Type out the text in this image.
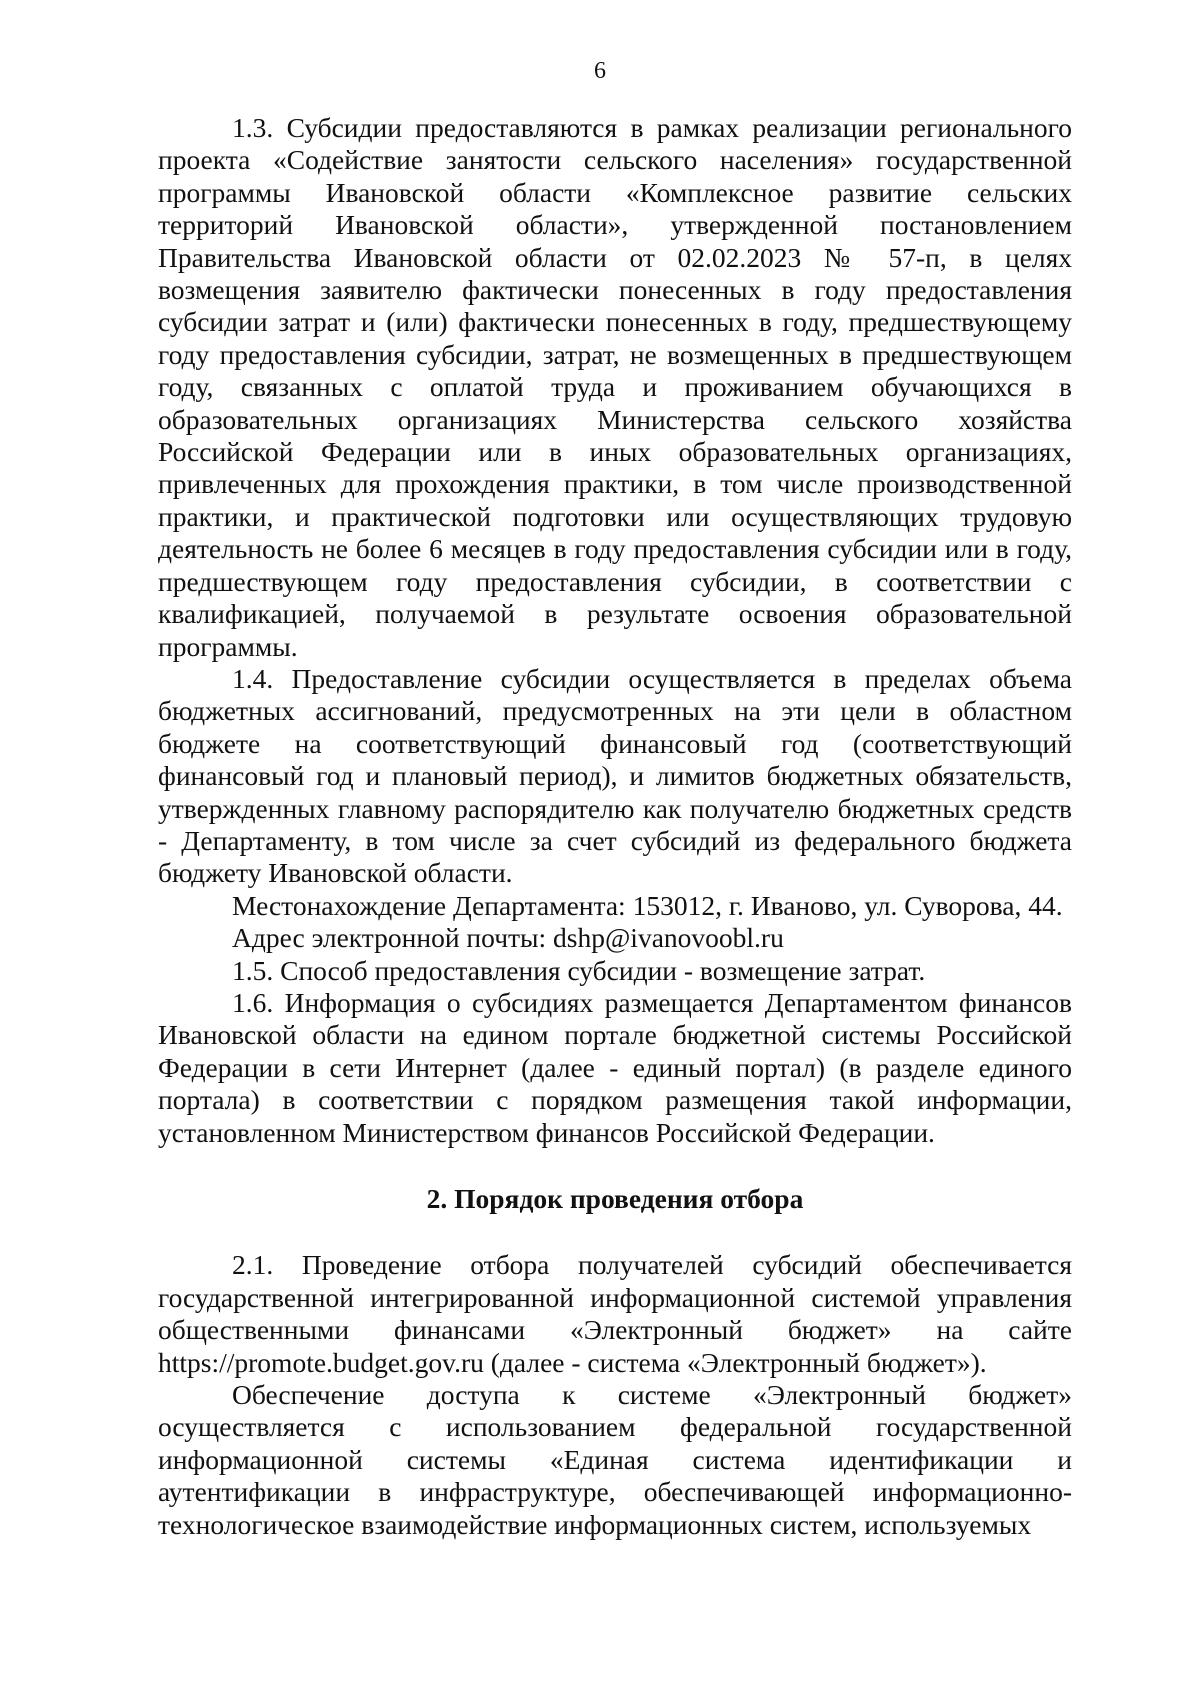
6

1.3. Субсидии предоставляются в рамках реализации регионального проекта «Содействие занятости сельского населения» государственной программы Ивановской области «Комплексное развитие сельских территорий Ивановской области», утвержденной постановлением Правительства Ивановской области от 02.02.2023 № 57-п, в целях возмещения заявителю фактически понесенных в году предоставления субсидии затрат и (или) фактически понесенных в году, предшествующему году предоставления субсидии, затрат, не возмещенных в предшествующем году, связанных с оплатой труда и проживанием обучающихся в образовательных организациях Министерства сельского хозяйства Российской Федерации или в иных образовательных организациях, привлеченных для прохождения практики, в том числе производственной практики, и практической подготовки или осуществляющих трудовую деятельность не более 6 месяцев в году предоставления субсидии или в году, предшествующем году предоставления субсидии, в соответствии с квалификацией, получаемой в результате освоения образовательной программы.

1.4. Предоставление субсидии осуществляется в пределах объема бюджетных ассигнований, предусмотренных на эти цели в областном бюджете на соответствующий финансовый год (соответствующий финансовый год и плановый период), и лимитов бюджетных обязательств, утвержденных главному распорядителю как получателю бюджетных средств - Департаменту, в том числе за счет субсидий из федерального бюджета бюджету Ивановской области.

Местонахождение Департамента: 153012, г. Иваново, ул. Суворова, 44.

Адрес электронной почты: dshp@ivanovoobl.ru

1.5. Способ предоставления субсидии - возмещение затрат.

1.6. Информация о субсидиях размещается Департаментом финансов Ивановской области на едином портале бюджетной системы Российской Федерации в сети Интернет (далее - единый портал) (в разделе единого портала) в соответствии с порядком размещения такой информации, установленном Министерством финансов Российской Федерации.

2. Порядок проведения отбора

2.1. Проведение отбора получателей субсидий обеспечивается государственной интегрированной информационной системой управления общественными финансами «Электронный бюджет» на сайте https://promote.budget.gov.ru (далее - система «Электронный бюджет»).

Обеспечение доступа к системе «Электронный бюджет» осуществляется с использованием федеральной государственной информационной системы «Единая система идентификации и аутентификации в инфраструктуре, обеспечивающей информационно-технологическое взаимодействие информационных систем, используемых
